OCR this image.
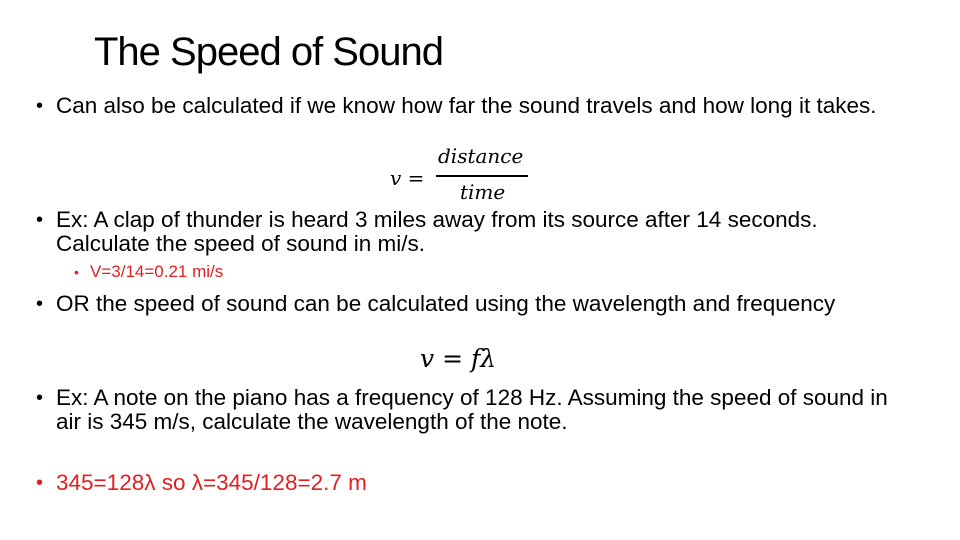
The Speed of Sound
• Can also be calculated if we know how far the sound travels and how long it takes.
v =
distance
time
• Ex: A clap of thunder is heard 3 miles away from its source after 14 seconds. Calculate the speed of sound in mi/s.
• V=3/14=0.21 mi/s
• OR the speed of sound can be calculated using the wavelength and frequency
v = fλ
• Ex: A note on the piano has a frequency of 128 Hz. Assuming the speed of sound in air is 345 m/s, calculate the wavelength of the note.
• 345=128λ so λ=345/128=2.7 m
